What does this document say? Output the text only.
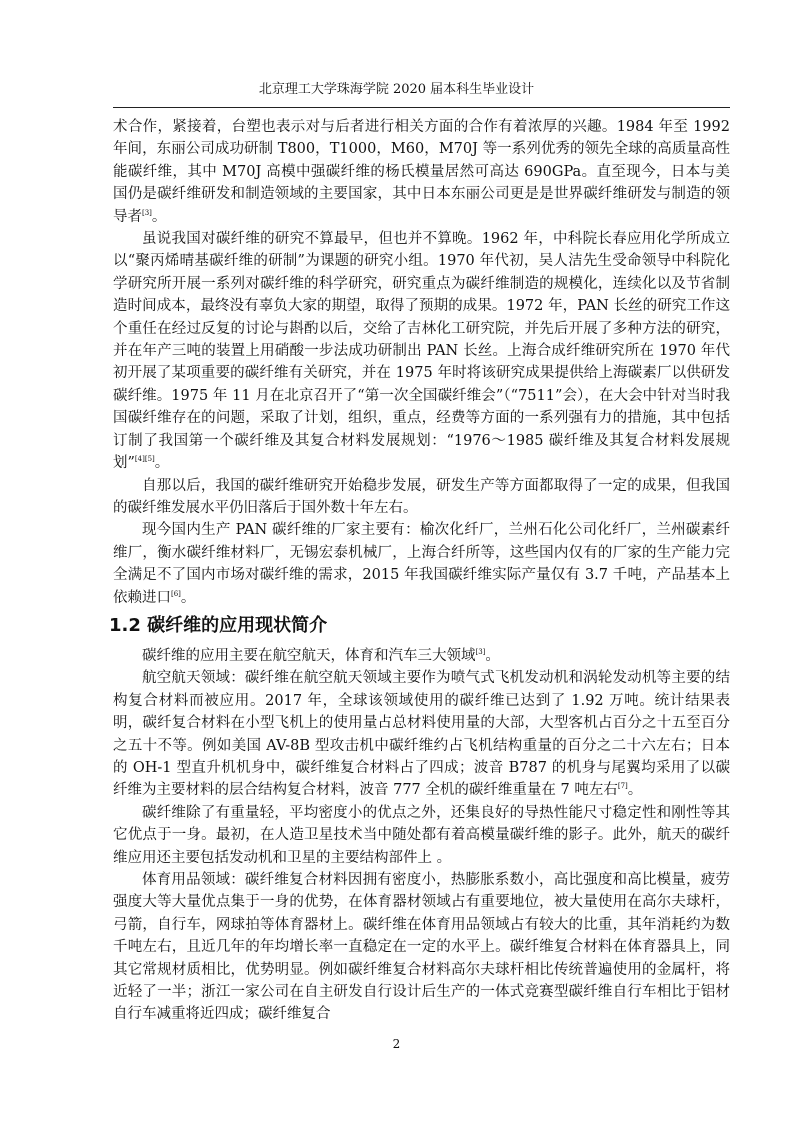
北京理工大学珠海学院 2020 届本科生毕业设计

术合作，紧接着，台塑也表示对与后者进行相关方面的合作有着浓厚的兴趣。1984 年至 1992 年间，东丽公司成功研制 T800，T1000，M60，M70J 等一系列优秀的领先全球的高质量高性能碳纤维，其中 M70J 高模中强碳纤维的杨氏模量居然可高达 690GPa。直至现今，日本与美国仍是碳纤维研发和制造领域的主要国家，其中日本东丽公司更是是世界碳纤维研发与制造的领导者[3]。

虽说我国对碳纤维的研究不算最早，但也并不算晚。1962 年，中科院长春应用化学所成立以“聚丙烯晴基碳纤维的研制”为课题的研究小组。1970 年代初，吴人洁先生受命领导中科院化学研究所开展一系列对碳纤维的科学研究，研究重点为碳纤维制造的规模化，连续化以及节省制造时间成本，最终没有辜负大家的期望，取得了预期的成果。1972 年，PAN 长丝的研究工作这个重任在经过反复的讨论与斟酌以后，交给了吉林化工研究院，并先后开展了多种方法的研究，并在年产三吨的装置上用硝酸一步法成功研制出 PAN 长丝。上海合成纤维研究所在 1970 年代初开展了某项重要的碳纤维有关研究，并在 1975 年时将该研究成果提供给上海碳素厂以供研发碳纤维。1975 年 11 月在北京召开了“第一次全国碳纤维会”（“7511”会），在大会中针对当时我国碳纤维存在的问题，采取了计划，组织，重点，经费等方面的一系列强有力的措施，其中包括订制了我国第一个碳纤维及其复合材料发展规划：“1976～1985 碳纤维及其复合材料发展规划”[4][5]。

自那以后，我国的碳纤维研究开始稳步发展，研发生产等方面都取得了一定的成果，但我国的碳纤维发展水平仍旧落后于国外数十年左右。

现今国内生产 PAN 碳纤维的厂家主要有：榆次化纤厂，兰州石化公司化纤厂，兰州碳素纤维厂，衡水碳纤维材料厂，无锡宏泰机械厂，上海合纤所等，这些国内仅有的厂家的生产能力完全满足不了国内市场对碳纤维的需求，2015 年我国碳纤维实际产量仅有 3.7 千吨，产品基本上依赖进口[6]。

1.2 碳纤维的应用现状简介

碳纤维的应用主要在航空航天，体育和汽车三大领域[3]。

航空航天领域：碳纤维在航空航天领域主要作为喷气式飞机发动机和涡轮发动机等主要的结构复合材料而被应用。2017 年，全球该领域使用的碳纤维已达到了 1.92 万吨。统计结果表明，碳纤复合材料在小型飞机上的使用量占总材料使用量的大部，大型客机占百分之十五至百分之五十不等。例如美国 AV-8B 型攻击机中碳纤维约占飞机结构重量的百分之二十六左右；日本的 OH-1 型直升机机身中，碳纤维复合材料占了四成；波音 B787 的机身与尾翼均采用了以碳纤维为主要材料的层合结构复合材料，波音 777 全机的碳纤维重量在 7 吨左右[7]。

碳纤维除了有重量轻，平均密度小的优点之外，还集良好的导热性能尺寸稳定性和刚性等其它优点于一身。最初，在人造卫星技术当中随处都有着高模量碳纤维的影子。此外，航天的碳纤维应用还主要包括发动机和卫星的主要结构部件上 。

体育用品领域：碳纤维复合材料因拥有密度小，热膨胀系数小，高比强度和高比模量，疲劳强度大等大量优点集于一身的优势，在体育器材领域占有重要地位，被大量使用在高尔夫球杆，弓箭，自行车，网球拍等体育器材上。碳纤维在体育用品领域占有较大的比重，其年消耗约为数千吨左右，且近几年的年均增长率一直稳定在一定的水平上。碳纤维复合材料在体育器具上，同其它常规材质相比，优势明显。例如碳纤维复合材料高尔夫球杆相比传统普遍使用的金属杆，将近轻了一半；浙江一家公司在自主研发自行设计后生产的一体式竞赛型碳纤维自行车相比于铝材自行车减重将近四成；碳纤维复合

2
